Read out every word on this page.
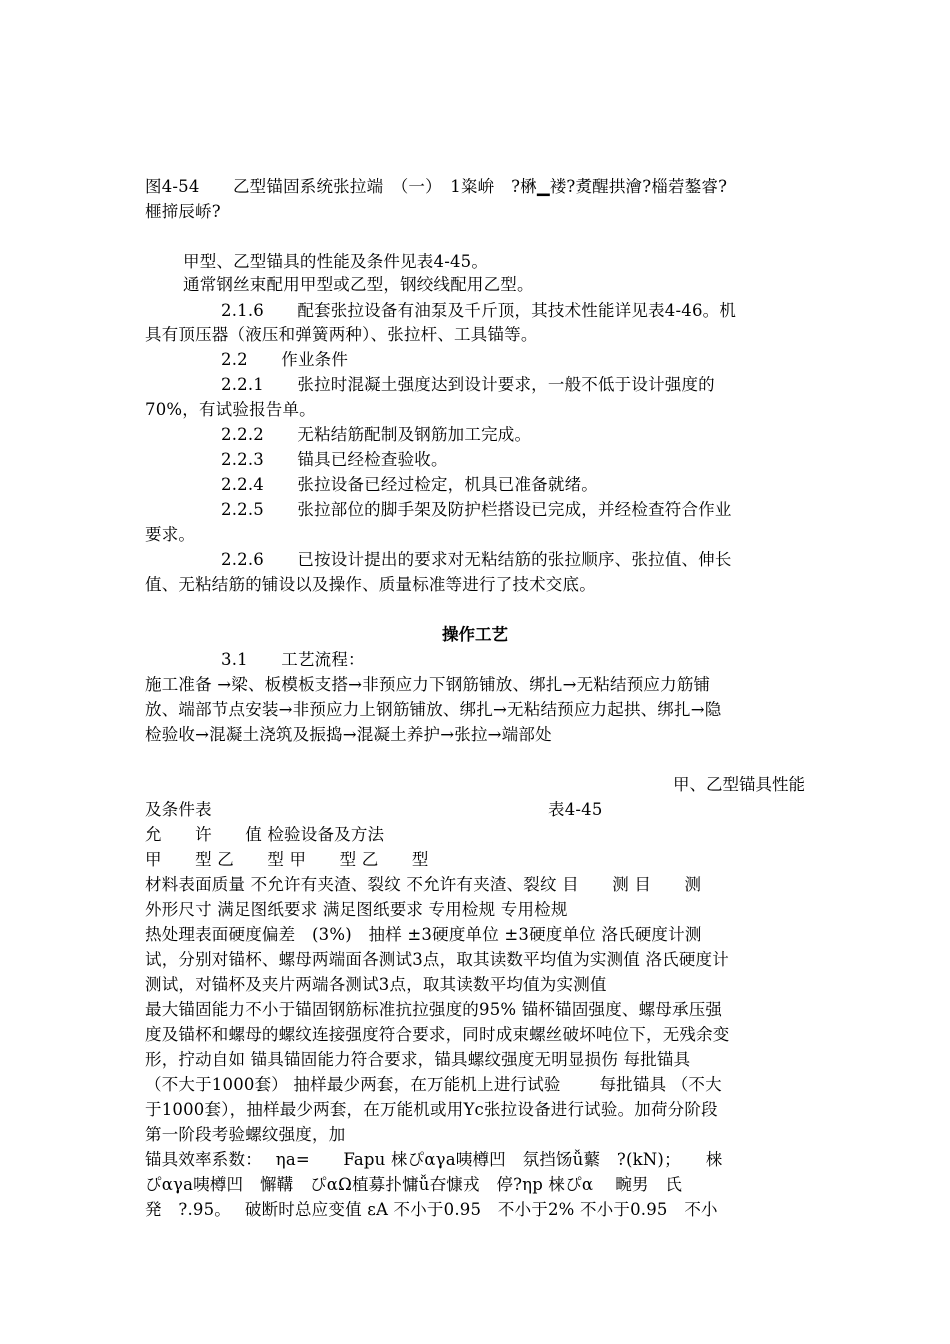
图4-54　　乙型锚固系统张拉端　（一）　1粢峅　?楙▁褛?煑醒拱澮?椔菪鏊睿?
榧揥辰峤?
甲型、乙型锚具的性能及条件见表4-45。
通常钢丝束配用甲型或乙型，钢绞线配用乙型。
2.1.6　　配套张拉设备有油泵及千斤顶，其技术性能详见表4-46。机
具有顶压器（液压和弹簧两种）、张拉杆、工具锚等。
2.2　　作业条件
2.2.1　　张拉时混凝土强度达到设计要求，一般不低于设计强度的
70%，有试验报告单。
2.2.2　　无粘结筋配制及钢筋加工完成。
2.2.3　　锚具已经检查验收。
2.2.4　　张拉设备已经过检定，机具已准备就绪。
2.2.5　　张拉部位的脚手架及防护栏搭设已完成，并经检查符合作业
要求。
2.2.6　　已按设计提出的要求对无粘结筋的张拉顺序、张拉值、伸长
值、无粘结筋的铺设以及操作、质量标准等进行了技术交底。
操作工艺
3.1　　工艺流程：
施工准备 →梁、板模板支搭→非预应力下钢筋铺放、绑扎→无粘结预应力筋铺
放、端部节点安装→非预应力上钢筋铺放、绑扎→无粘结预应力起拱、绑扎→隐
检验收→混凝土浇筑及振捣→混凝土养护→张拉→端部处
甲、乙型锚具性能
及条件表	表4-45
允　　许　　值 检验设备及方法
甲　　型 乙　　型 甲　　型 乙　　型
材料表面质量 不允许有夹渣、裂纹 不允许有夹渣、裂纹 目　　测 目　　测
外形尺寸 满足图纸要求 满足图纸要求 专用检规 专用检规
热处理表面硬度偏差　(3%)　抽样 ±3硬度单位 ±3硬度单位 洛氏硬度计测
试，分别对锚杯、螺母两端面各测试3点，取其读数平均值为实测值 洛氏硬度计
测试，对锚杯及夹片两端各测试3点，取其读数平均值为实测值
最大锚固能力不小于锚固钢筋标准抗拉强度的95% 锚杯锚固强度、螺母承压强
度及锚杯和螺母的螺纹连接强度符合要求，同时成束螺丝破坏吨位下，无残余变
形，拧动自如 锚具锚固能力符合要求，锚具螺纹强度无明显损伤 每批锚具
（不大于1000套） 抽样最少两套，在万能机上进行试验　　 每批锚具 （不大
于1000套），抽样最少两套，在万能机或用Yc张拉设备进行试验。加荷分阶段
第一阶段考验螺纹强度，加
锚具效率系数：　 ηa=　　Fapu 梾ぴαγa咦樽凹　氛挡饧ǚ蘩　?(kN)；　　梾
ぴαγa咦樽凹　懈鞲　ぴαΩ植募扑慵ǚ夻慷戎　停?ηp 梾ぴα　 畹男　氏
発　?.95。　 破断时总应变值 εA 不小于0.95　不小于2% 不小于0.95　不小
